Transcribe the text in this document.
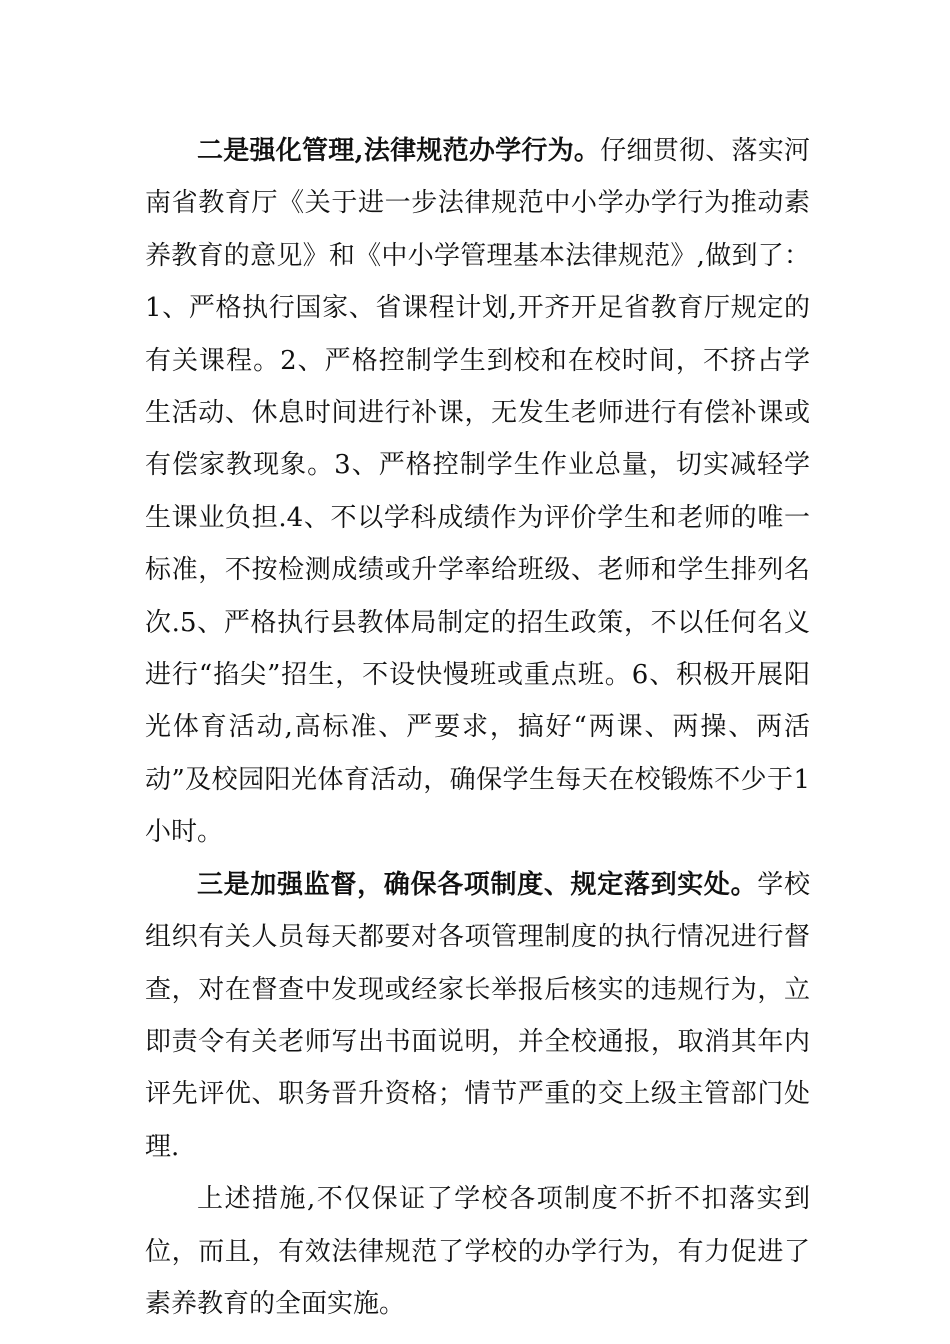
二是强化管理,法律规范办学行为。仔细贯彻、落实河南省教育厅《关于进一步法律规范中小学办学行为推动素养教育的意见》和《中小学管理基本法律规范》,做到了：1、严格执行国家、省课程计划,开齐开足省教育厅规定的有关课程。2、严格控制学生到校和在校时间，不挤占学生活动、休息时间进行补课，无发生老师进行有偿补课或有偿家教现象。3、严格控制学生作业总量，切实减轻学生课业负担.4、不以学科成绩作为评价学生和老师的唯一标准，不按检测成绩或升学率给班级、老师和学生排列名次.5、严格执行县教体局制定的招生政策，不以任何名义进行“掐尖”招生，不设快慢班或重点班。6、积极开展阳光体育活动,高标准、严要求，搞好“两课、两操、两活动”及校园阳光体育活动，确保学生每天在校锻炼不少于1小时。

三是加强监督，确保各项制度、规定落到实处。学校组织有关人员每天都要对各项管理制度的执行情况进行督查，对在督查中发现或经家长举报后核实的违规行为，立即责令有关老师写出书面说明，并全校通报，取消其年内评先评优、职务晋升资格；情节严重的交上级主管部门处理.

上述措施,不仅保证了学校各项制度不折不扣落实到位，而且，有效法律规范了学校的办学行为，有力促进了素养教育的全面实施。
